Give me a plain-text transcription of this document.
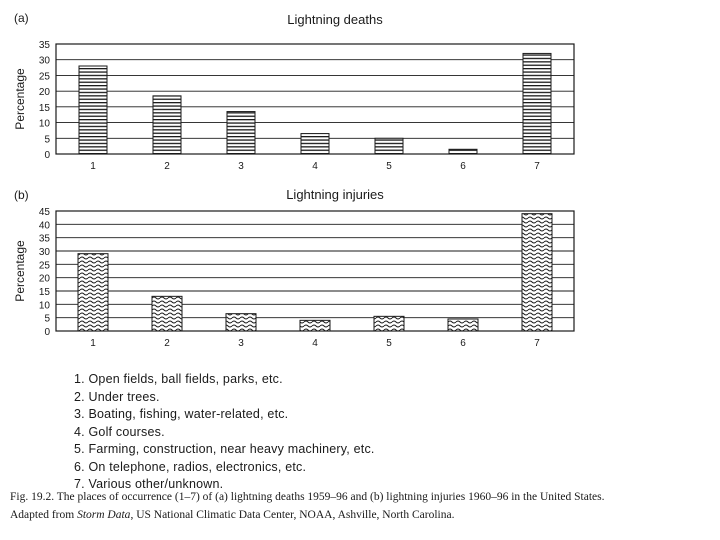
Lightning deaths
Percentage
0
5
10
15
20
25
30
35
1	2	3	4	5	6	7
Lightning injuries
Percentage
0
5
10
15
20
25
30
35
40
45
1	2	3	4	5	6	7
(a)
(b)
1. Open fields, ball fields, parks, etc.
2. Under trees.
3. Boating, fishing, water-related, etc.
4. Golf courses.
5. Farming, construction, near heavy machinery, etc.
6. On telephone, radios, electronics, etc.
7. Various other/unknown.

Fig. 19.2. The places of occurrence (1–7) of (a) lightning deaths 1959–96 and (b) lightning injuries 1960–96 in the United States.

Adapted from Storm Data, US National Climatic Data Center, NOAA, Ashville, North Carolina.
